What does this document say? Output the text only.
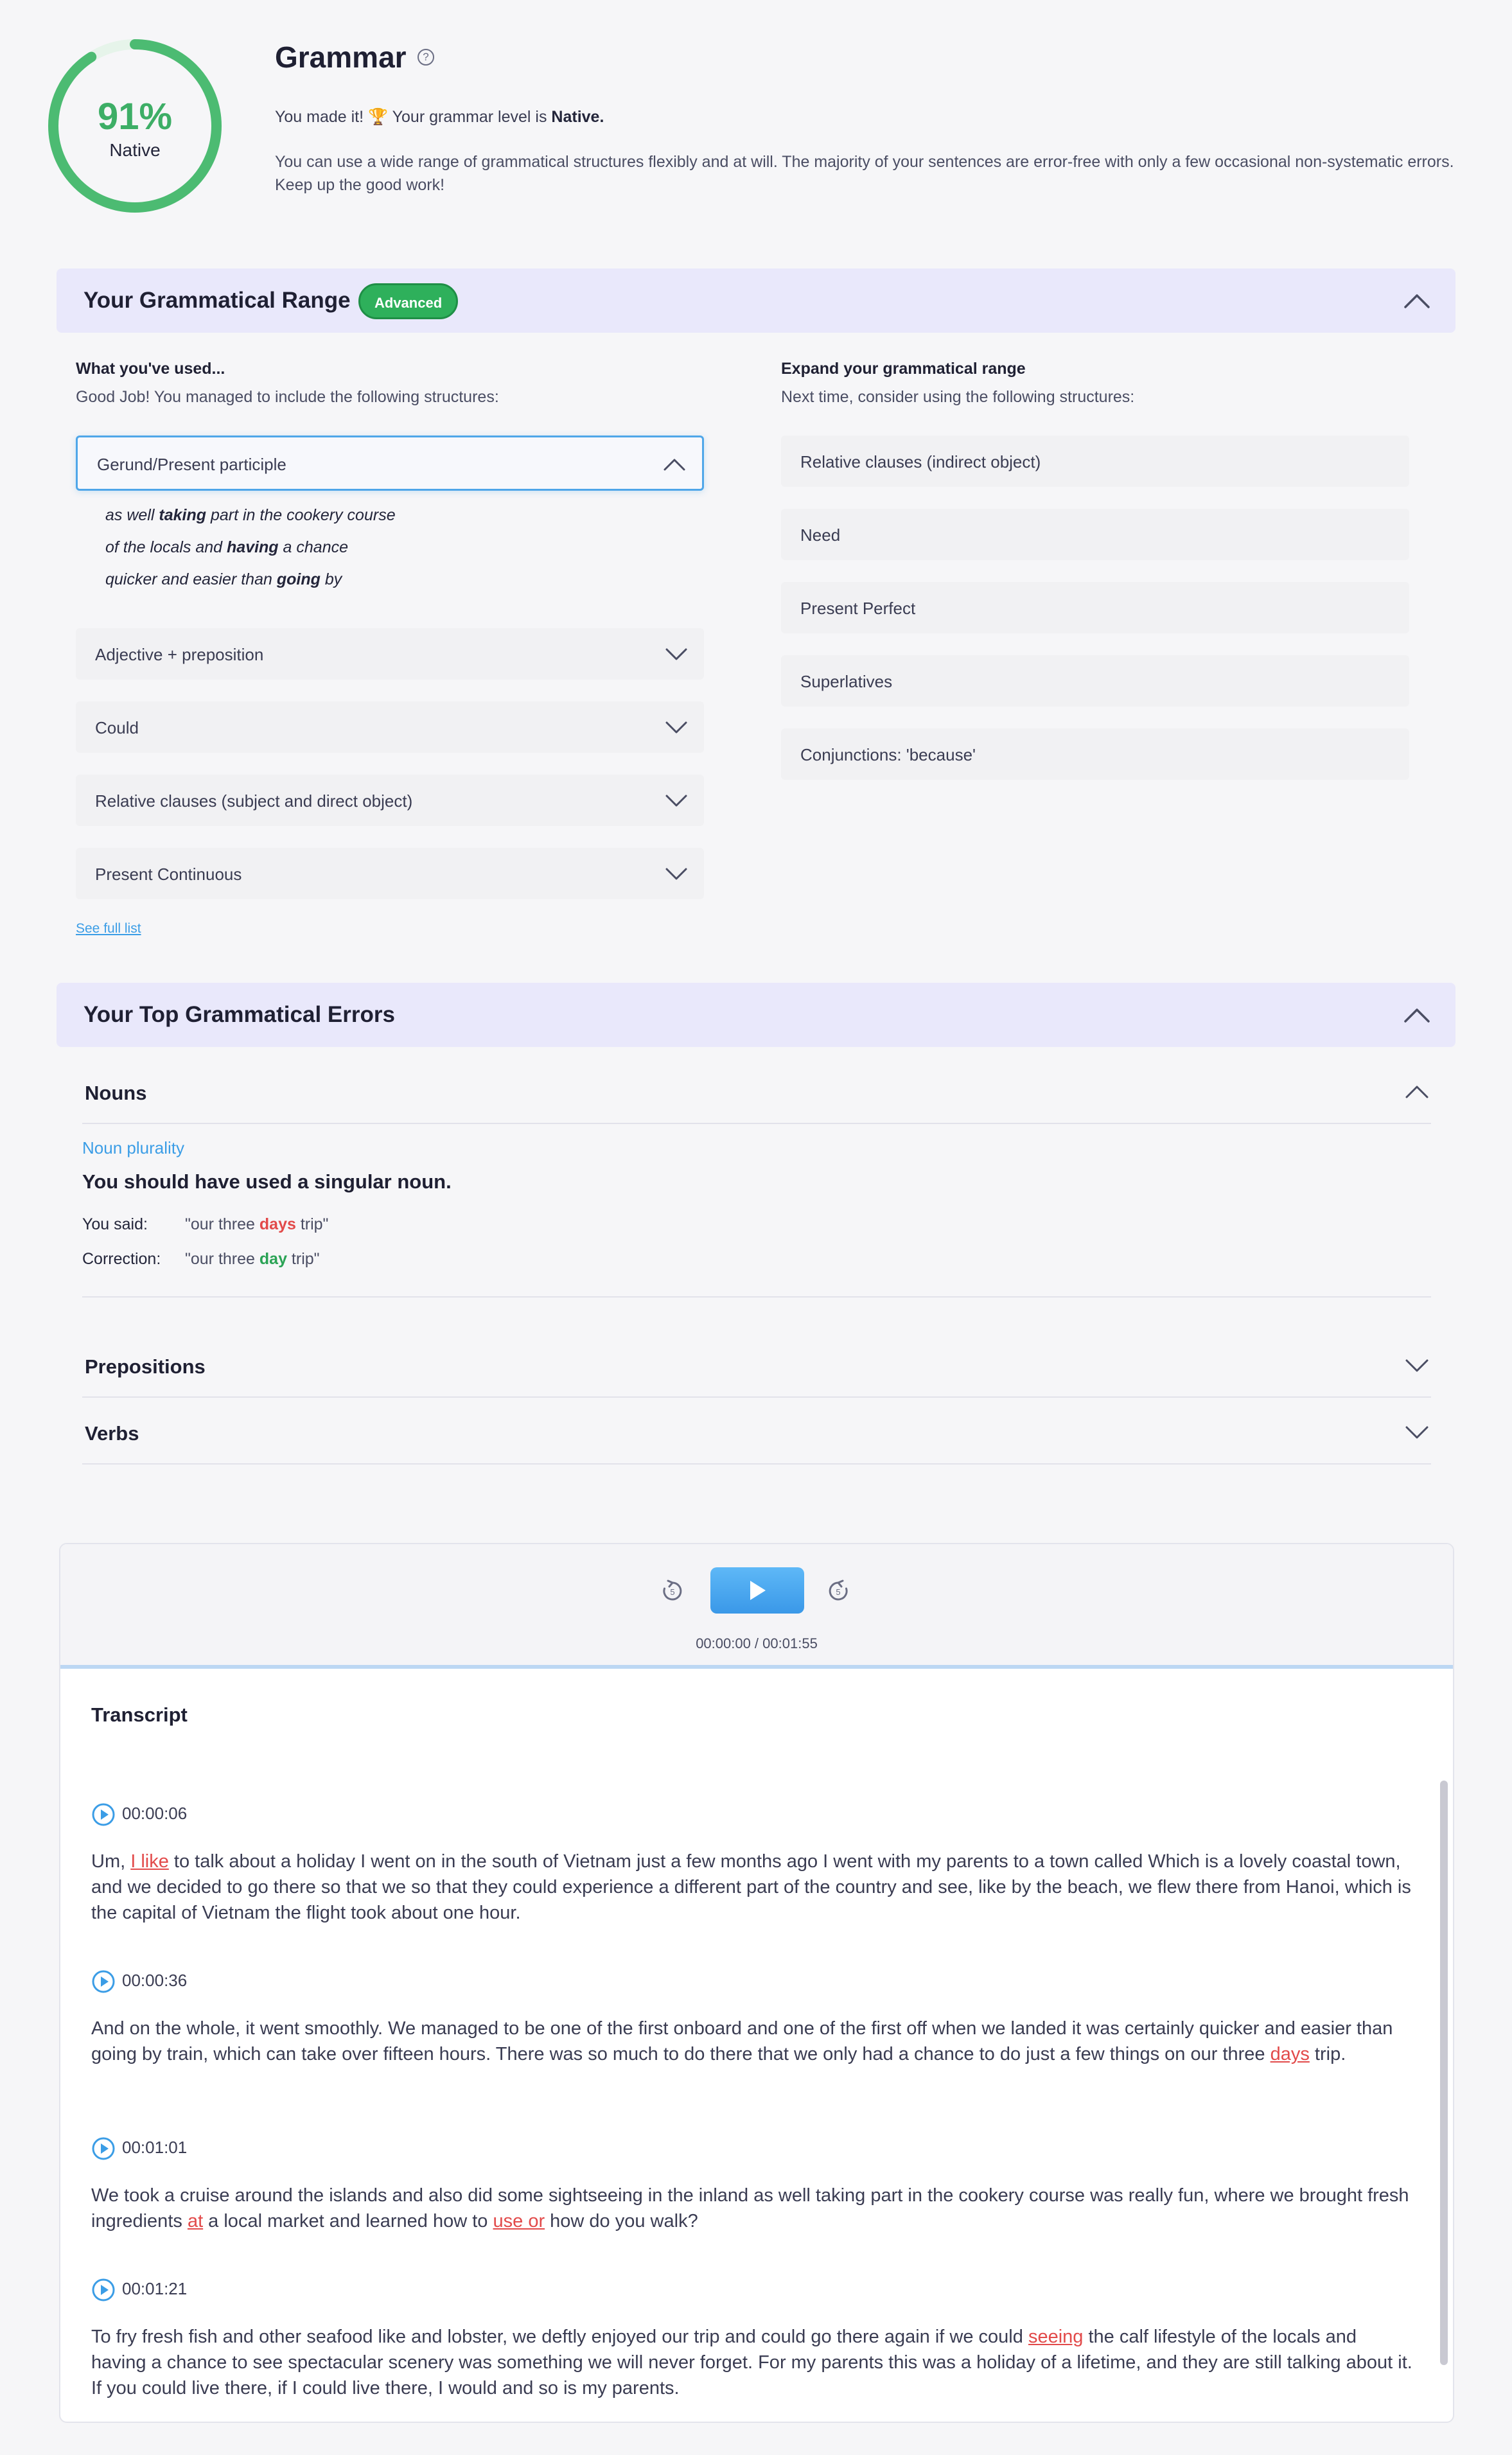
91%
Native
Grammar	?
You made it! 🏆 Your grammar level is Native.
You can use a wide range of grammatical structures flexibly and at will. The majority of your sentences are error-free with only a few occasional non-systematic errors. Keep up the good work!
Your Grammatical Range	Advanced
What you've used...
Good Job! You managed to include the following structures:
Expand your grammatical range
Next time, consider using the following structures:
Gerund/Present participle
as well taking part in the cookery course
of the locals and having a chance
quicker and easier than going by
Adjective + preposition
Could
Relative clauses (subject and direct object)
Present Continuous
See full list
Relative clauses (indirect object)
Need
Present Perfect
Superlatives
Conjunctions: 'because'
Your Top Grammatical Errors
Nouns
Noun plurality
You should have used a singular noun.
You said: "our three days trip"
Correction: "our three day trip"
Prepositions
Verbs
5	5
00:00:00 / 00:01:55
Transcript
00:00:06
Um, I like to talk about a holiday I went on in the south of Vietnam just a few months ago I went with my parents to a town called Which is a lovely coastal town, and we decided to go there so that we so that they could experience a different part of the country and see, like by the beach, we flew there from Hanoi, which is the capital of Vietnam the flight took about one hour.
00:00:36
And on the whole, it went smoothly. We managed to be one of the first onboard and one of the first off when we landed it was certainly quicker and easier than going by train, which can take over fifteen hours. There was so much to do there that we only had a chance to do just a few things on our three days trip.
00:01:01
We took a cruise around the islands and also did some sightseeing in the inland as well taking part in the cookery course was really fun, where we brought fresh ingredients at a local market and learned how to use or how do you walk?
00:01:21
To fry fresh fish and other seafood like and lobster, we deftly enjoyed our trip and could go there again if we could seeing the calf lifestyle of the locals and having a chance to see spectacular scenery was something we will never forget. For my parents this was a holiday of a lifetime, and they are still talking about it. If you could live there, if I could live there, I would and so is my parents.
